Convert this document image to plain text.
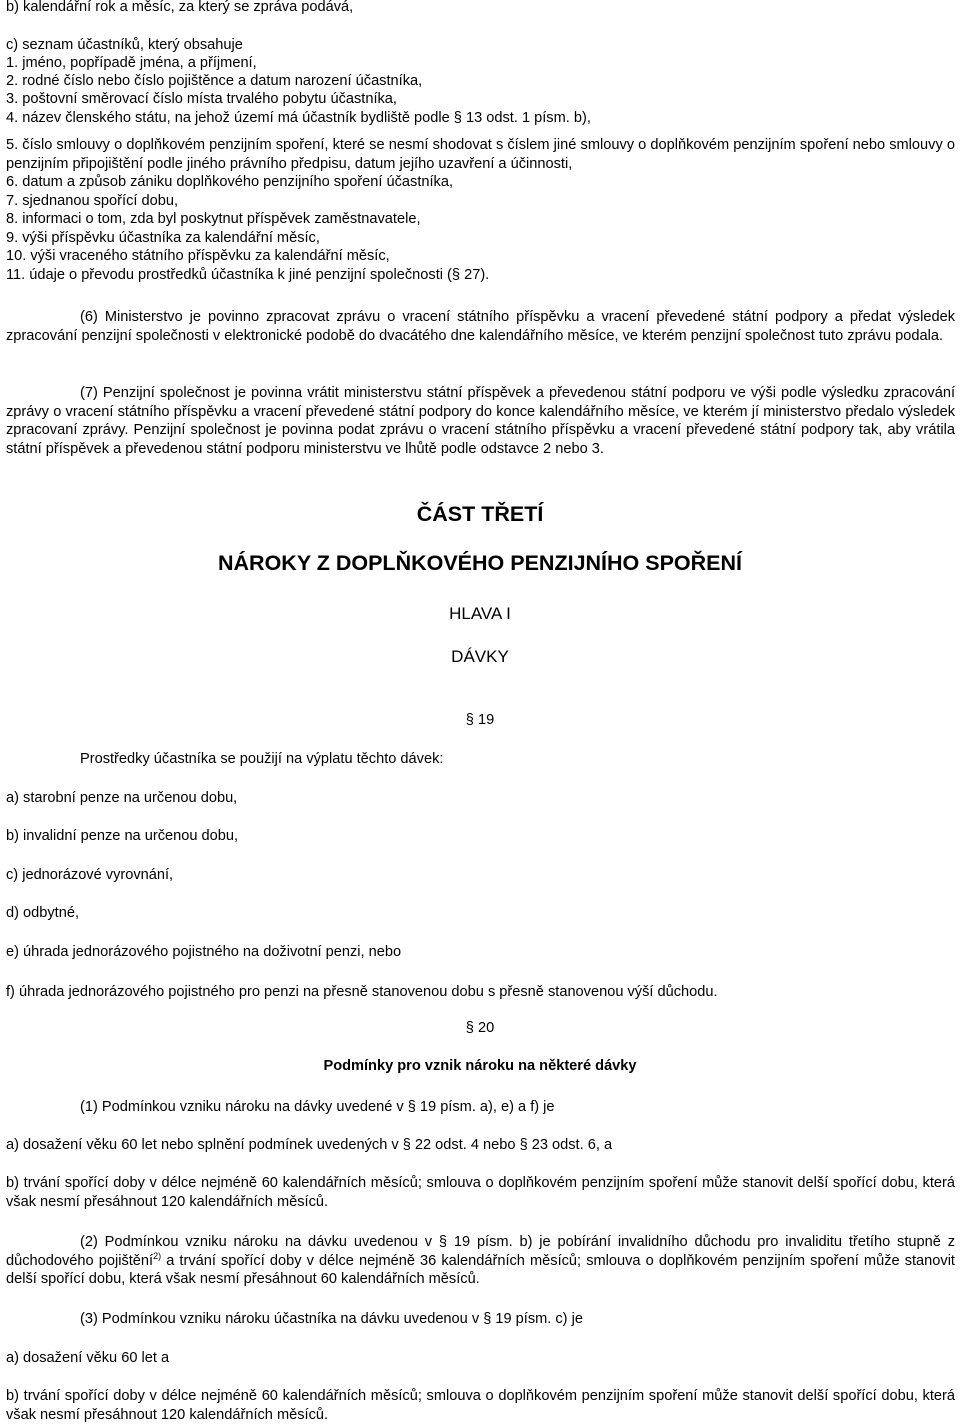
b) kalendářní rok a měsíc, za který se zpráva podává,
c) seznam účastníků, který obsahuje
1. jméno, popřípadě jména, a příjmení,
2. rodné číslo nebo číslo pojištěnce a datum narození účastníka,
3. poštovní směrovací číslo místa trvalého pobytu účastníka,
4. název členského státu, na jehož území má účastník bydliště podle § 13 odst. 1 písm. b),
5. číslo smlouvy o doplňkovém penzijním spoření, které se nesmí shodovat s číslem jiné smlouvy o doplňkovém penzijním spoření nebo smlouvy o penzijním připojištění podle jiného právního předpisu, datum jejího uzavření a účinnosti,
6. datum a způsob zániku doplňkového penzijního spoření účastníka,
7. sjednanou spořící dobu,
8. informaci o tom, zda byl poskytnut příspěvek zaměstnavatele,
9. výši příspěvku účastníka za kalendářní měsíc,
10. výši vraceného státního příspěvku za kalendářní měsíc,
11. údaje o převodu prostředků účastníka k jiné penzijní společnosti (§ 27).
(6) Ministerstvo je povinno zpracovat zprávu o vracení státního příspěvku a vracení převedené státní podpory a předat výsledek zpracování penzijní společnosti v elektronické podobě do dvacátého dne kalendářního měsíce, ve kterém penzijní společnost tuto zprávu podala.
(7) Penzijní společnost je povinna vrátit ministerstvu státní příspěvek a převedenou státní podporu ve výši podle výsledku zpracování zprávy o vracení státního příspěvku a vracení převedené státní podpory do konce kalendářního měsíce, ve kterém jí ministerstvo předalo výsledek zpracovaní zprávy. Penzijní společnost je povinna podat zprávu o vracení státního příspěvku a vracení převedené státní podpory tak, aby vrátila státní příspěvek a převedenou státní podporu ministerstvu ve lhůtě podle odstavce 2 nebo 3.
ČÁST TŘETÍ
NÁROKY Z DOPLŇKOVÉHO PENZIJNÍHO SPOŘENÍ
HLAVA I
DÁVKY
§ 19
Prostředky účastníka se použijí na výplatu těchto dávek:
a) starobní penze na určenou dobu,
b) invalidní penze na určenou dobu,
c) jednorázové vyrovnání,
d) odbytné,
e) úhrada jednorázového pojistného na doživotní penzi, nebo
f) úhrada jednorázového pojistného pro penzi na přesně stanovenou dobu s přesně stanovenou výší důchodu.
§ 20
Podmínky pro vznik nároku na některé dávky
(1) Podmínkou vzniku nároku na dávky uvedené v § 19 písm. a), e) a f) je
a) dosažení věku 60 let nebo splnění podmínek uvedených v § 22 odst. 4 nebo § 23 odst. 6, a
b) trvání spořící doby v délce nejméně 60 kalendářních měsíců; smlouva o doplňkovém penzijním spoření může stanovit delší spořící dobu, která však nesmí přesáhnout 120 kalendářních měsíců.
(2) Podmínkou vzniku nároku na dávku uvedenou v § 19 písm. b) je pobírání invalidního důchodu pro invaliditu třetího stupně z důchodového pojištění$^{2)}$ a trvání spořící doby v délce nejméně 36 kalendářních měsíců; smlouva o doplňkovém penzijním spoření může stanovit delší spořící dobu, která však nesmí přesáhnout 60 kalendářních měsíců.
(3) Podmínkou vzniku nároku účastníka na dávku uvedenou v § 19 písm. c) je
a) dosažení věku 60 let a
b) trvání spořící doby v délce nejméně 60 kalendářních měsíců; smlouva o doplňkovém penzijním spoření může stanovit delší spořící dobu, která však nesmí přesáhnout 120 kalendářních měsíců.
